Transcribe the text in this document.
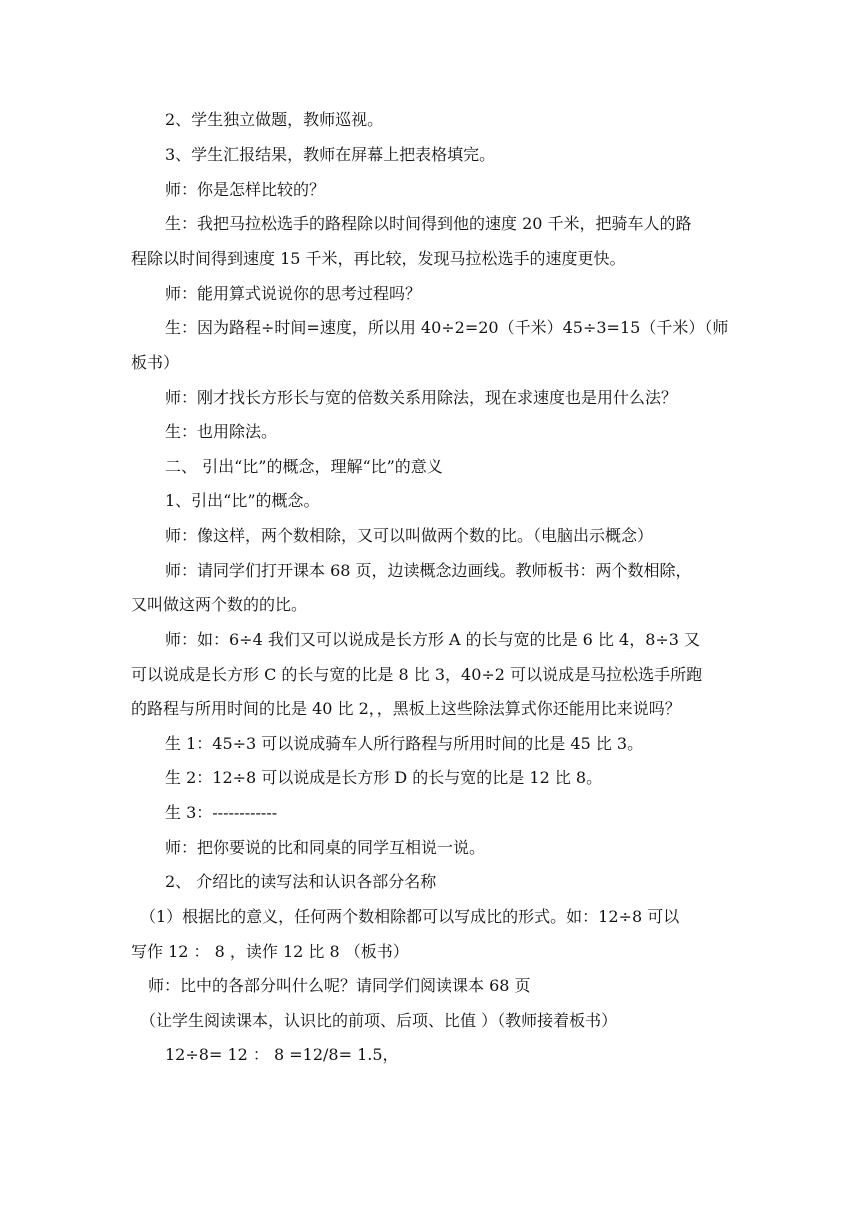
2、学生独立做题，教师巡视。
3、学生汇报结果，教师在屏幕上把表格填完。
师：你是怎样比较的？
生：我把马拉松选手的路程除以时间得到他的速度 20 千米，把骑车人的路
程除以时间得到速度 15 千米，再比较，发现马拉松选手的速度更快。
师：能用算式说说你的思考过程吗？
生：因为路程÷时间=速度，所以用 40÷2=20（千米）45÷3=15（千米）（师
板书）
师：刚才找长方形长与宽的倍数关系用除法，现在求速度也是用什么法？
生：也用除法。
二、 引出“比”的概念，理解“比”的意义
1、引出“比”的概念。
师：像这样，两个数相除，又可以叫做两个数的比。（电脑出示概念）
师：请同学们打开课本 68 页，边读概念边画线。教师板书：两个数相除，
又叫做这两个数的的比。
师：如：6÷4 我们又可以说成是长方形 A 的长与宽的比是 6 比 4，8÷3 又
可以说成是长方形 C 的长与宽的比是 8 比 3，40÷2 可以说成是马拉松选手所跑
的路程与所用时间的比是 40 比 2，，黑板上这些除法算式你还能用比来说吗？
生 1：45÷3 可以说成骑车人所行路程与所用时间的比是 45 比 3。
生 2：12÷8 可以说成是长方形 D 的长与宽的比是 12 比 8。
生 3：------------
师：把你要说的比和同桌的同学互相说一说。
2、 介绍比的读写法和认识各部分名称
（1）根据比的意义，任何两个数相除都可以写成比的形式。如：12÷8 可以
写作 12 ： 8 ，读作 12 比 8 （板书）
师：比中的各部分叫什么呢？请同学们阅读课本 68 页
（让学生阅读课本，认识比的前项、后项、比值 ）（教师接着板书）
12÷8= 12 ： 8 =12/8= 1.5，
